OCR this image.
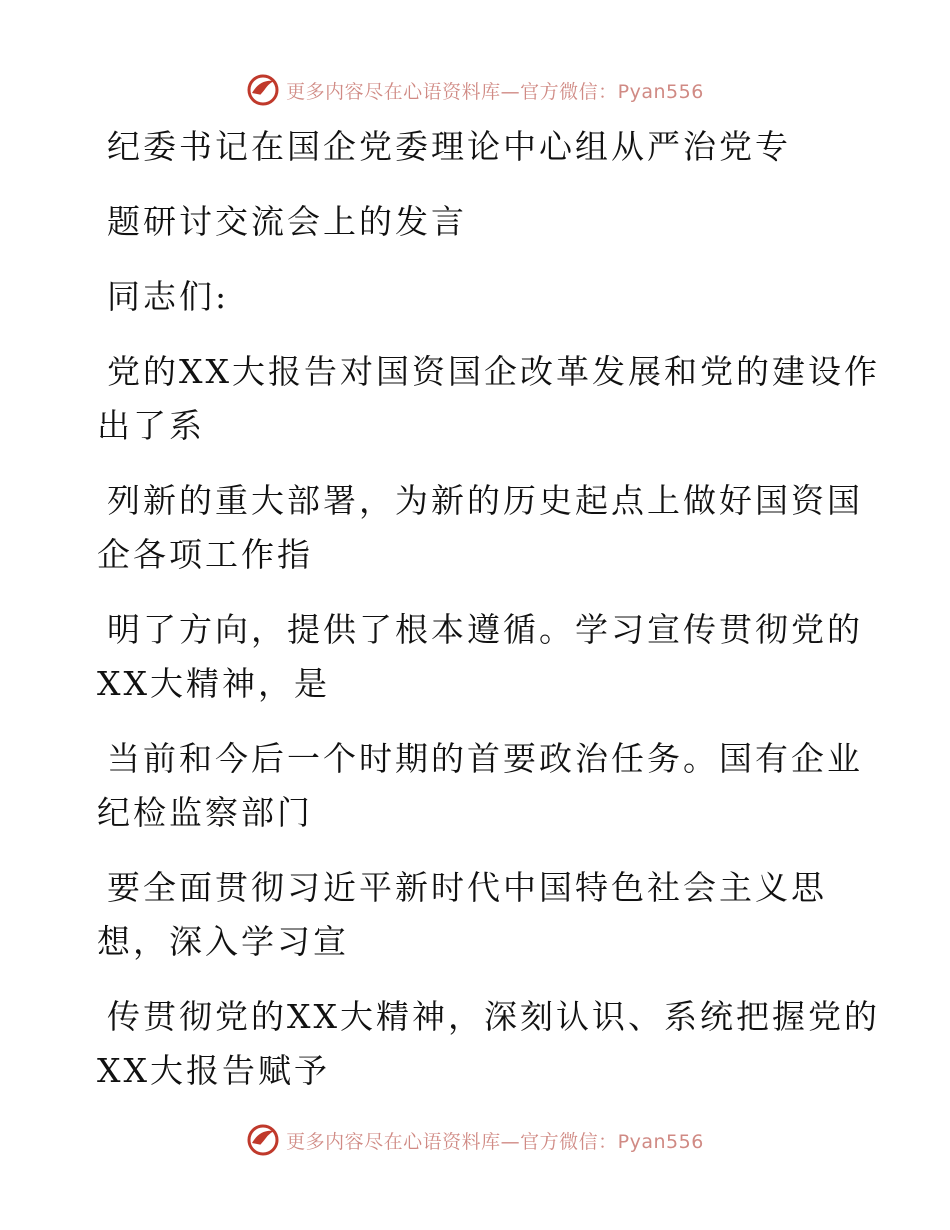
更多内容尽在心语资料库—官方微信：Pyan556
纪委书记在国企党委理论中心组从严治党专
题研讨交流会上的发言
同志们:
党的XX大报告对国资国企改革发展和党的建设作
出了系
列新的重大部署，为新的历史起点上做好国资国
企各项工作指
明了方向，提供了根本遵循。学习宣传贯彻党的
XX大精神，是
当前和今后一个时期的首要政治任务。国有企业
纪检监察部门
要全面贯彻习近平新时代中国特色社会主义思
想，深入学习宣
传贯彻党的XX大精神，深刻认识、系统把握党的
XX大报告赋予
更多内容尽在心语资料库—官方微信：Pyan556
